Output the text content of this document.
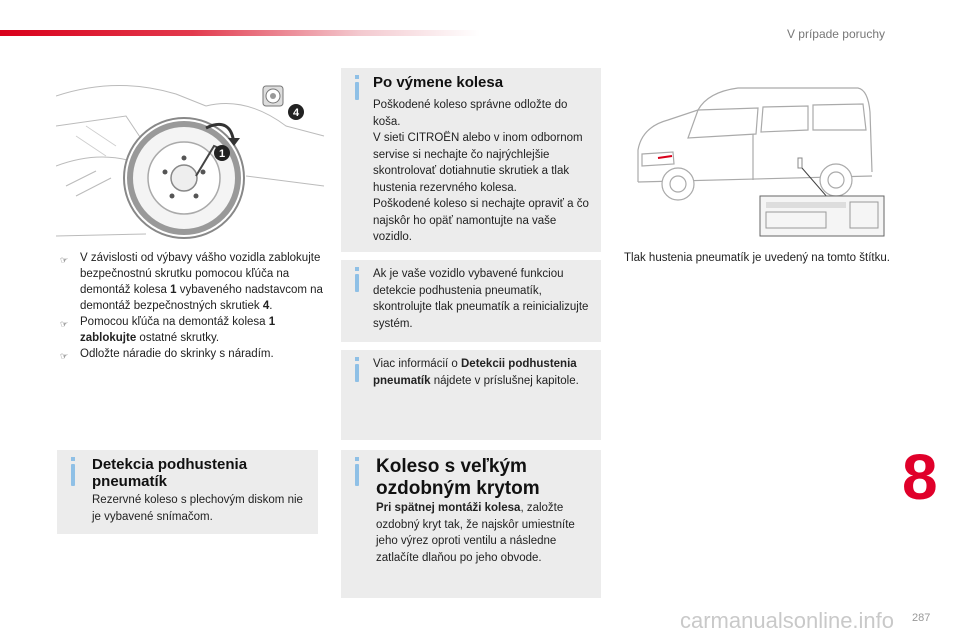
V prípade poruchy
1
4
☞	V závislosti od výbavy vášho vozidla zablokujte bezpečnostnú skrutku pomocou kľúča na demontáž kolesa 1 vybaveného nadstavcom na demontáž bezpečnostných skrutiek 4.
☞	Pomocou kľúča na demontáž kolesa 1 zablokujte ostatné skrutky.
☞	Odložte náradie do skrinky s náradím.
Detekcia podhustenia pneumatík

Rezervné koleso s plechovým diskom nie je vybavené snímačom.

Po výmene kolesa

Poškodené koleso správne odložte do koša.
V sieti CITROËN alebo v inom odbornom servise si nechajte čo najrýchlejšie skontrolovať dotiahnutie skrutiek a tlak hustenia rezervného kolesa.
Poškodené koleso si nechajte opraviť a čo najskôr ho opäť namontujte na vaše vozidlo.

Ak je vaše vozidlo vybavené funkciou detekcie podhustenia pneumatík, skontrolujte tlak pneumatík a reinicializujte systém.

Viac informácií o Detekcii podhustenia pneumatík nájdete v príslušnej kapitole.

Koleso s veľkým ozdobným krytom

Pri spätnej montáži kolesa, založte ozdobný kryt tak, že najskôr umiestníte jeho výrez oproti ventilu a následne zatlačíte dlaňou po jeho obvode.

Tlak hustenia pneumatík je uvedený na tomto štítku.
8
carmanualsonline.info 287
